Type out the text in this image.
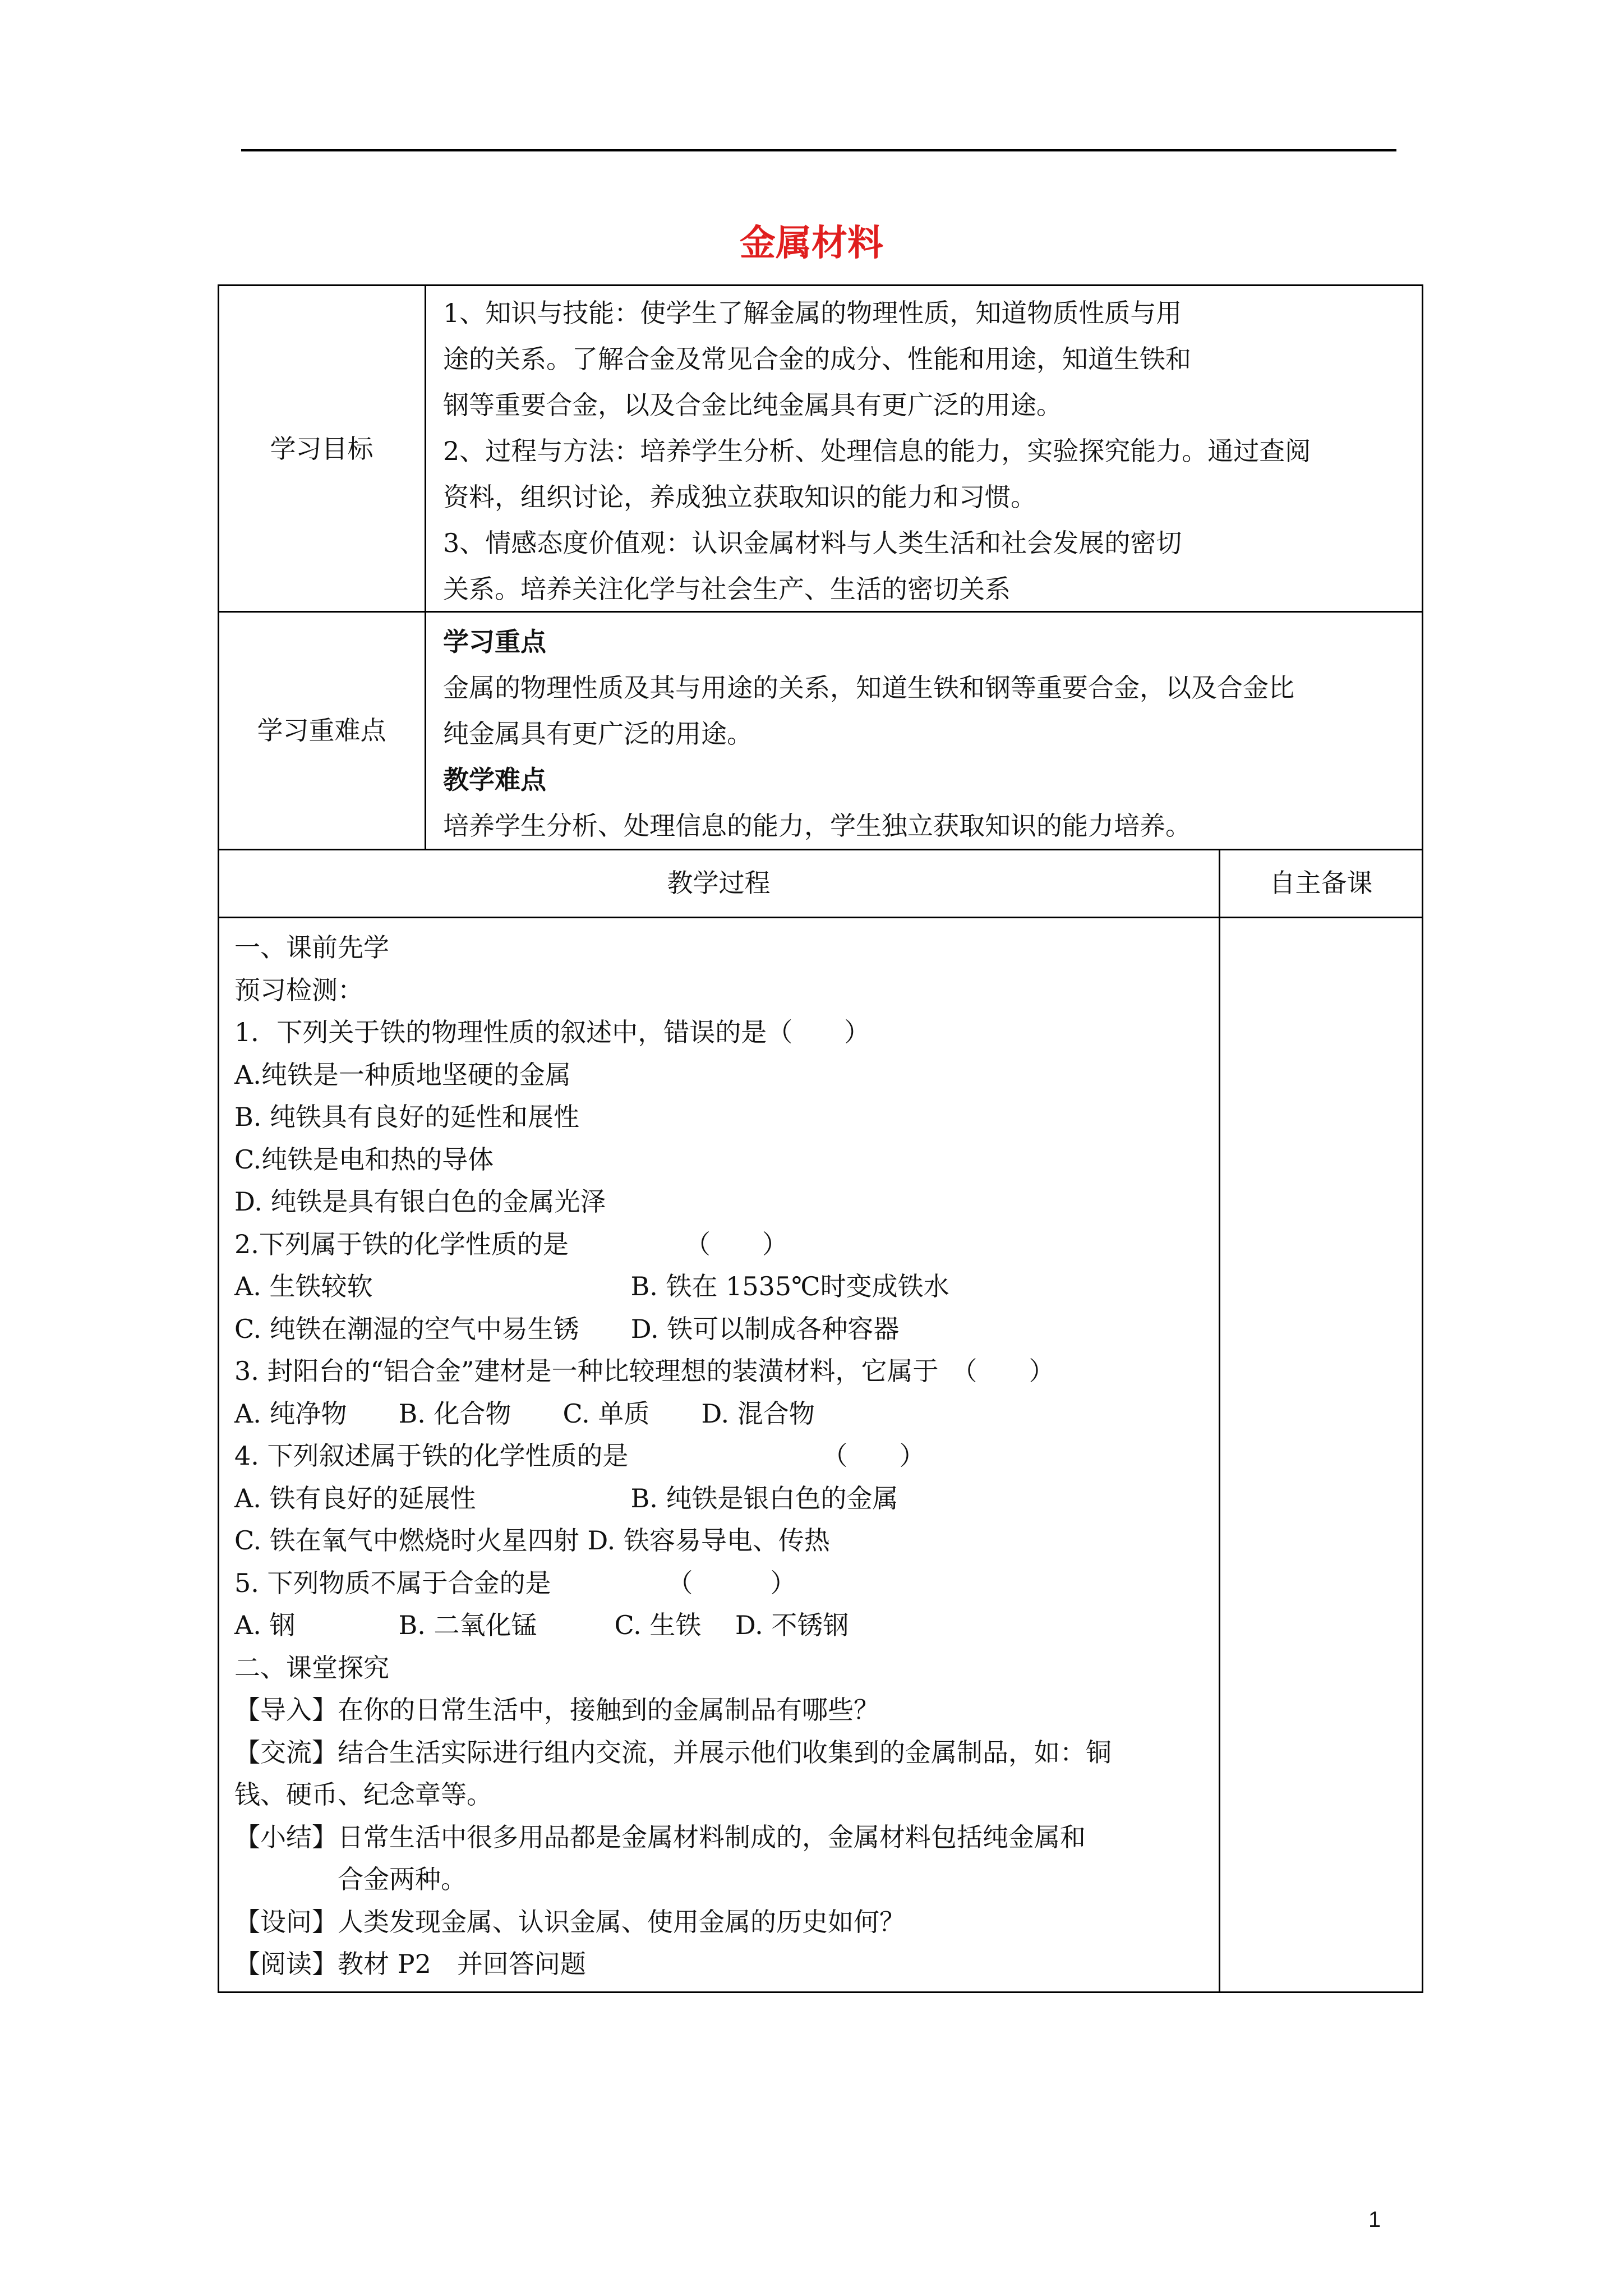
金属材料
学习目标
1、知识与技能：使学生了解金属的物理性质，知道物质性质与用
途的关系。了解合金及常见合金的成分、性能和用途，知道生铁和
钢等重要合金，以及合金比纯金属具有更广泛的用途。
2、过程与方法：培养学生分析、处理信息的能力，实验探究能力。通过查阅
资料，组织讨论，养成独立获取知识的能力和习惯。
3、情感态度价值观：认识金属材料与人类生活和社会发展的密切
关系。培养关注化学与社会生产、生活的密切关系
学习重难点
学习重点
金属的物理性质及其与用途的关系，知道生铁和钢等重要合金，以及合金比
纯金属具有更广泛的用途。
教学难点
培养学生分析、处理信息的能力，学生独立获取知识的能力培养。
教学过程	自主备课
一、课前先学
预习检测：
1．下列关于铁的物理性质的叙述中，错误的是（　　）
A.纯铁是一种质地坚硬的金属
B. 纯铁具有良好的延性和展性
C.纯铁是电和热的导体
D. 纯铁是具有银白色的金属光泽
2.下列属于铁的化学性质的是　　　　　（　　）
A. 生铁较软　　　　　　　　　　B. 铁在 1535℃时变成铁水
C. 纯铁在潮湿的空气中易生锈　　D. 铁可以制成各种容器
3. 封阳台的“铝合金”建材是一种比较理想的装潢材料，它属于　（　　）
A. 纯净物　　B. 化合物　　C. 单质　　D. 混合物
4. 下列叙述属于铁的化学性质的是　　　　　　　　（　　）
A. 铁有良好的延展性　　　　　　B. 纯铁是银白色的金属
C. 铁在氧气中燃烧时火星四射 D. 铁容易导电、传热
5. 下列物质不属于合金的是　　　　　（　　　）
A. 钢　　　　B. 二氧化锰　　　C. 生铁　 D. 不锈钢
二、课堂探究
【导入】在你的日常生活中，接触到的金属制品有哪些？
【交流】结合生活实际进行组内交流，并展示他们收集到的金属制品，如：铜
钱、硬币、纪念章等。
【小结】日常生活中很多用品都是金属材料制成的，金属材料包括纯金属和
　　　　合金两种。
【设问】人类发现金属、认识金属、使用金属的历史如何？
【阅读】教材 P2　并回答问题
1
